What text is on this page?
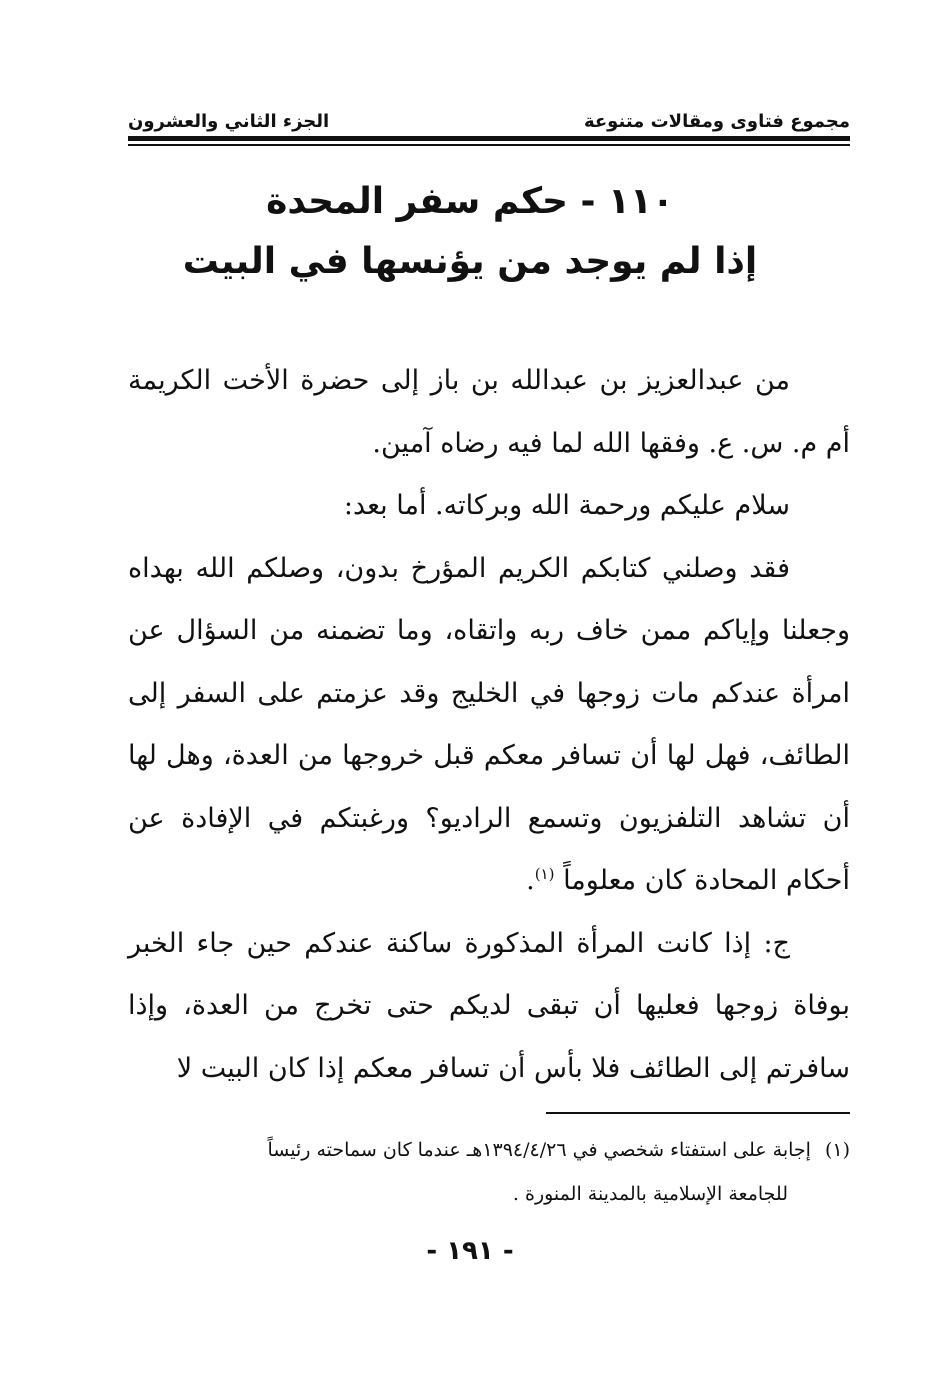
مجموع فتاوى ومقالات متنوعة
الجزء الثاني والعشرون
١١٠ - حكم سفر المحدة
إذا لم يوجد من يؤنسها في البيت

من عبدالعزيز بن عبدالله بن باز إلى حضرة الأخت الكريمة أم م. س. ع. وفقها الله لما فيه رضاه آمين.

سلام عليكم ورحمة الله وبركاته. أما بعد:

فقد وصلني كتابكم الكريم المؤرخ بدون، وصلكم الله بهداه وجعلنا وإياكم ممن خاف ربه واتقاه، وما تضمنه من السؤال عن امرأة عندكم مات زوجها في الخليج وقد عزمتم على السفر إلى الطائف، فهل لها أن تسافر معكم قبل خروجها من العدة، وهل لها أن تشاهد التلفزيون وتسمع الراديو؟ ورغبتكم في الإفادة عن أحكام المحادة كان معلوماً $^{(١)}$.

ج: إذا كانت المرأة المذكورة ساكنة عندكم حين جاء الخبر بوفاة زوجها فعليها أن تبقى لديكم حتى تخرج من العدة، وإذا سافرتم إلى الطائف فلا بأس أن تسافر معكم إذا كان البيت لا

(١)إجابة على استفتاء شخصي في ١٣٩٤/٤/٢٦هـ عندما كان سماحته رئيساً
للجامعة الإسلامية بالمدينة المنورة .
- ١٩١ -
